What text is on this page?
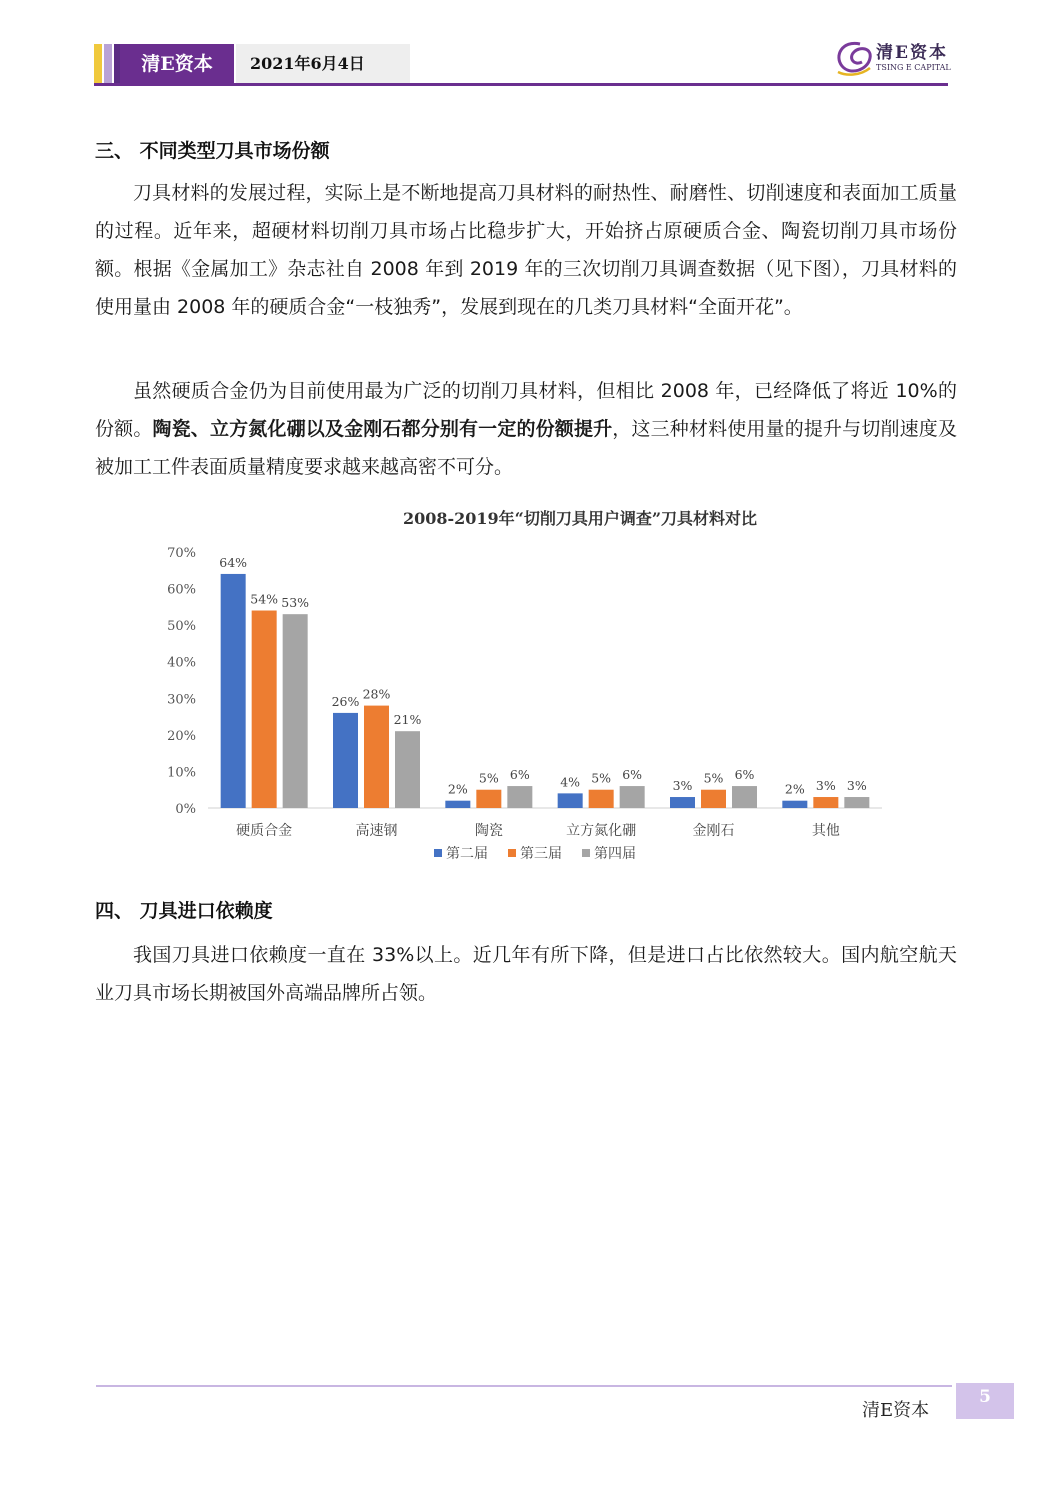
清E资本	2021年6月4日
清E资本
TSING E CAPITAL
三、 不同类型刀具市场份额

刀具材料的发展过程，实际上是不断地提高刀具材料的耐热性、耐磨性、切削速度和表面加工质量的过程。近年来，超硬材料切削刀具市场占比稳步扩大，开始挤占原硬质合金、陶瓷切削刀具市场份额。根据《金属加工》杂志社自 2008 年到 2019 年的三次切削刀具调查数据（见下图），刀具材料的使用量由 2008 年的硬质合金“一枝独秀”，发展到现在的几类刀具材料“全面开花”。

虽然硬质合金仍为目前使用最为广泛的切削刀具材料，但相比 2008 年，已经降低了将近 10%的份额。陶瓷、立方氮化硼以及金刚石都分别有一定的份额提升，这三种材料使用量的提升与切削速度及被加工工件表面质量精度要求越来越高密不可分。

2008-2019年“切削刀具用户调查”刀具材料对比
0%
10%
20%
30%
40%
50%
60%
70%
硬质合金
64%
54% 53%
高速钢
26% 28%
21%
陶瓷
2%
5% 6%
立方氮化硼
4% 5% 6%
金刚石
3% 5% 6%
其他
2% 3% 3%
第二届 第三届 第四届
四、 刀具进口依赖度

我国刀具进口依赖度一直在 33%以上。近几年有所下降，但是进口占比依然较大。国内航空航天业刀具市场长期被国外高端品牌所占领。

清E资本
5
